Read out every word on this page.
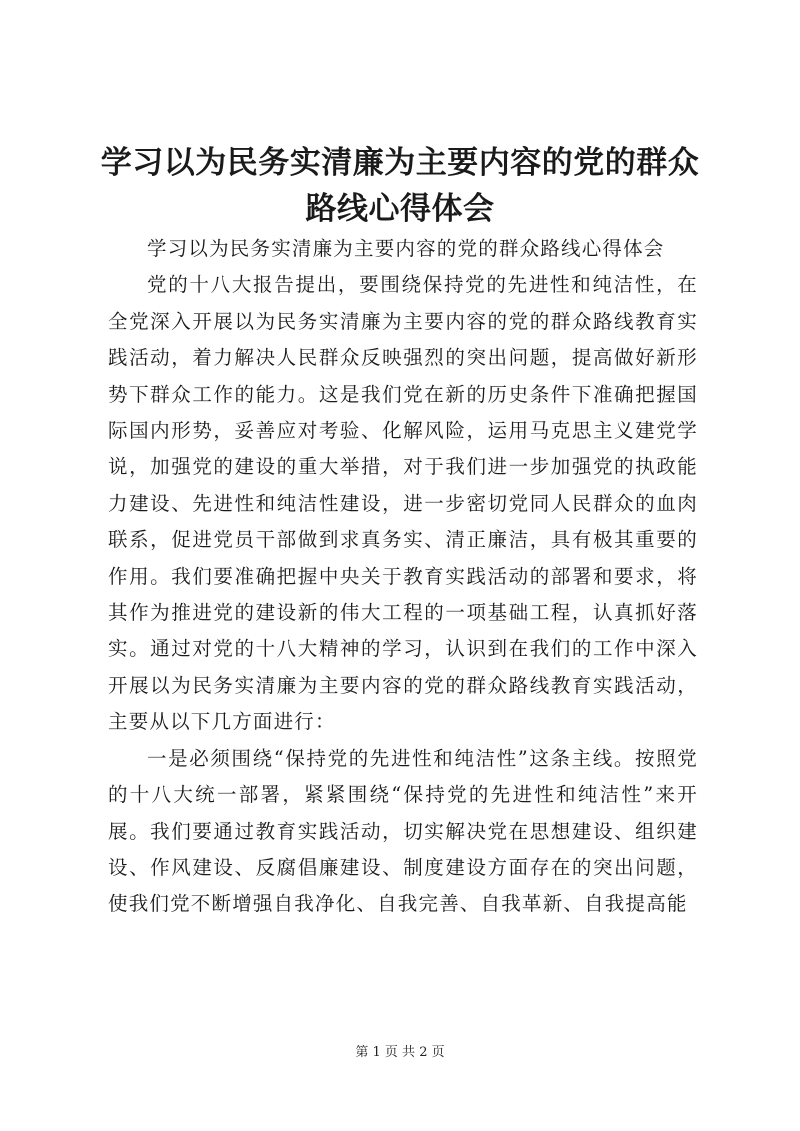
学习以为民务实清廉为主要内容的党的群众路线心得体会

学习以为民务实清廉为主要内容的党的群众路线心得体会

党的十八大报告提出，要围绕保持党的先进性和纯洁性，在全党深入开展以为民务实清廉为主要内容的党的群众路线教育实践活动，着力解决人民群众反映强烈的突出问题，提高做好新形势下群众工作的能力。这是我们党在新的历史条件下准确把握国际国内形势，妥善应对考验、化解风险，运用马克思主义建党学说，加强党的建设的重大举措，对于我们进一步加强党的执政能力建设、先进性和纯洁性建设，进一步密切党同人民群众的血肉联系，促进党员干部做到求真务实、清正廉洁，具有极其重要的作用。我们要准确把握中央关于教育实践活动的部署和要求，将其作为推进党的建设新的伟大工程的一项基础工程，认真抓好落实。通过对党的十八大精神的学习，认识到在我们的工作中深入开展以为民务实清廉为主要内容的党的群众路线教育实践活动，主要从以下几方面进行：

一是必须围绕“保持党的先进性和纯洁性”这条主线。按照党的十八大统一部署，紧紧围绕“保持党的先进性和纯洁性”来开展。我们要通过教育实践活动，切实解决党在思想建设、组织建设、作风建设、反腐倡廉建设、制度建设方面存在的突出问题，使我们党不断增强自我净化、自我完善、自我革新、自我提高能

第 1 页 共 2 页
